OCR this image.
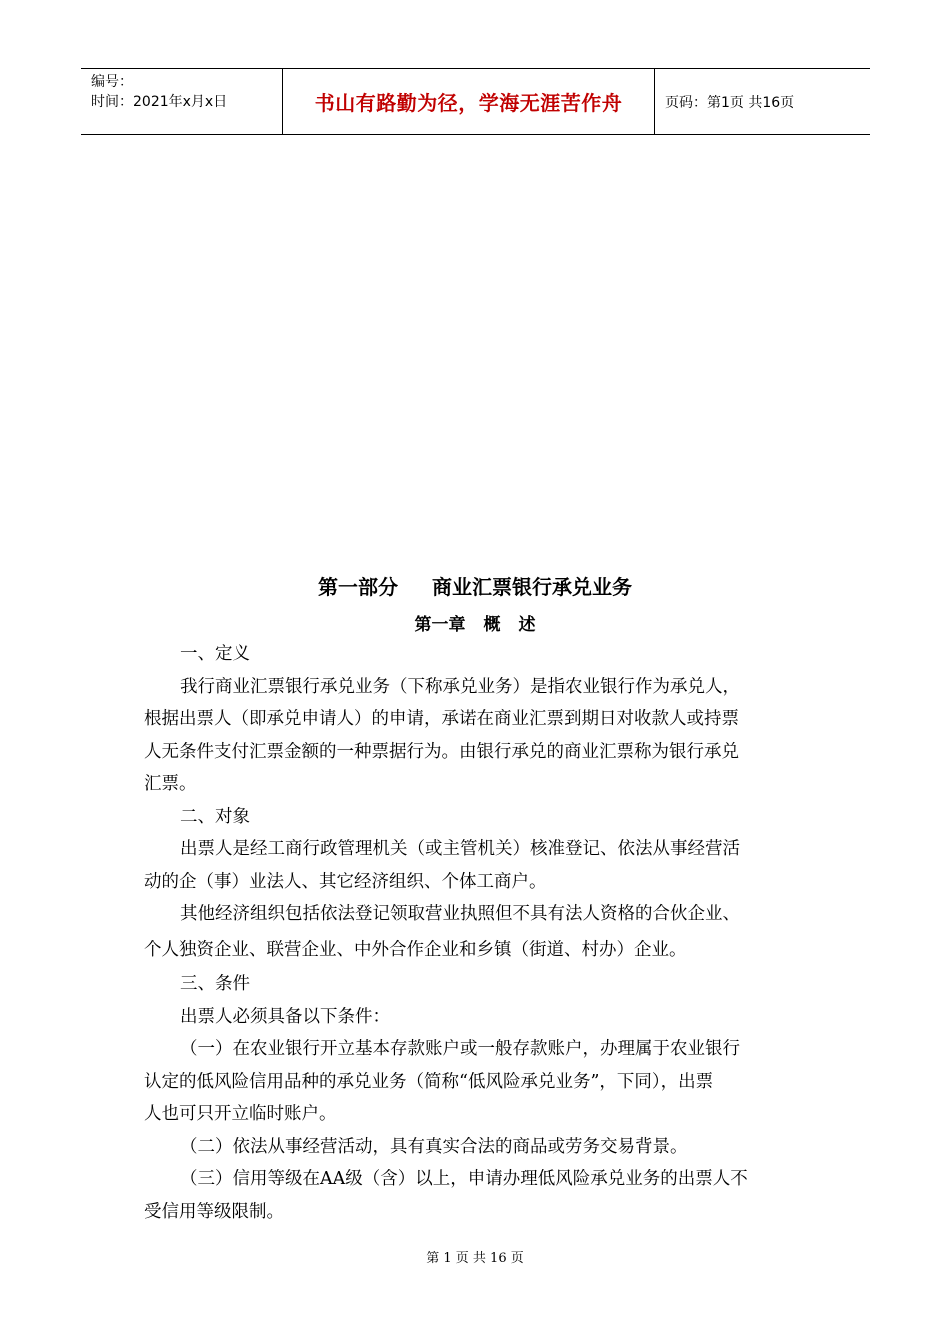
编号：
时间：2021年x月x日	书山有路勤为径，学海无涯苦作舟	页码：第1页 共16页
第一部分 商业汇票银行承兑业务
第一章 概 述
一、定义
我行商业汇票银行承兑业务（下称承兑业务）是指农业银行作为承兑人，
根据出票人（即承兑申请人）的申请，承诺在商业汇票到期日对收款人或持票
人无条件支付汇票金额的一种票据行为。由银行承兑的商业汇票称为银行承兑
汇票。
二、对象
出票人是经工商行政管理机关（或主管机关）核准登记、依法从事经营活
动的企（事）业法人、其它经济组织、个体工商户。
其他经济组织包括依法登记领取营业执照但不具有法人资格的合伙企业、
个人独资企业、联营企业、中外合作企业和乡镇（街道、村办）企业。
三、条件
出票人必须具备以下条件：
（一）在农业银行开立基本存款账户或一般存款账户，办理属于农业银行
认定的低风险信用品种的承兑业务（简称“低风险承兑业务”，下同），出票
人也可只开立临时账户。
（二）依法从事经营活动，具有真实合法的商品或劳务交易背景。
（三）信用等级在AA级（含）以上，申请办理低风险承兑业务的出票人不
受信用等级限制。
第 1 页 共 16 页
